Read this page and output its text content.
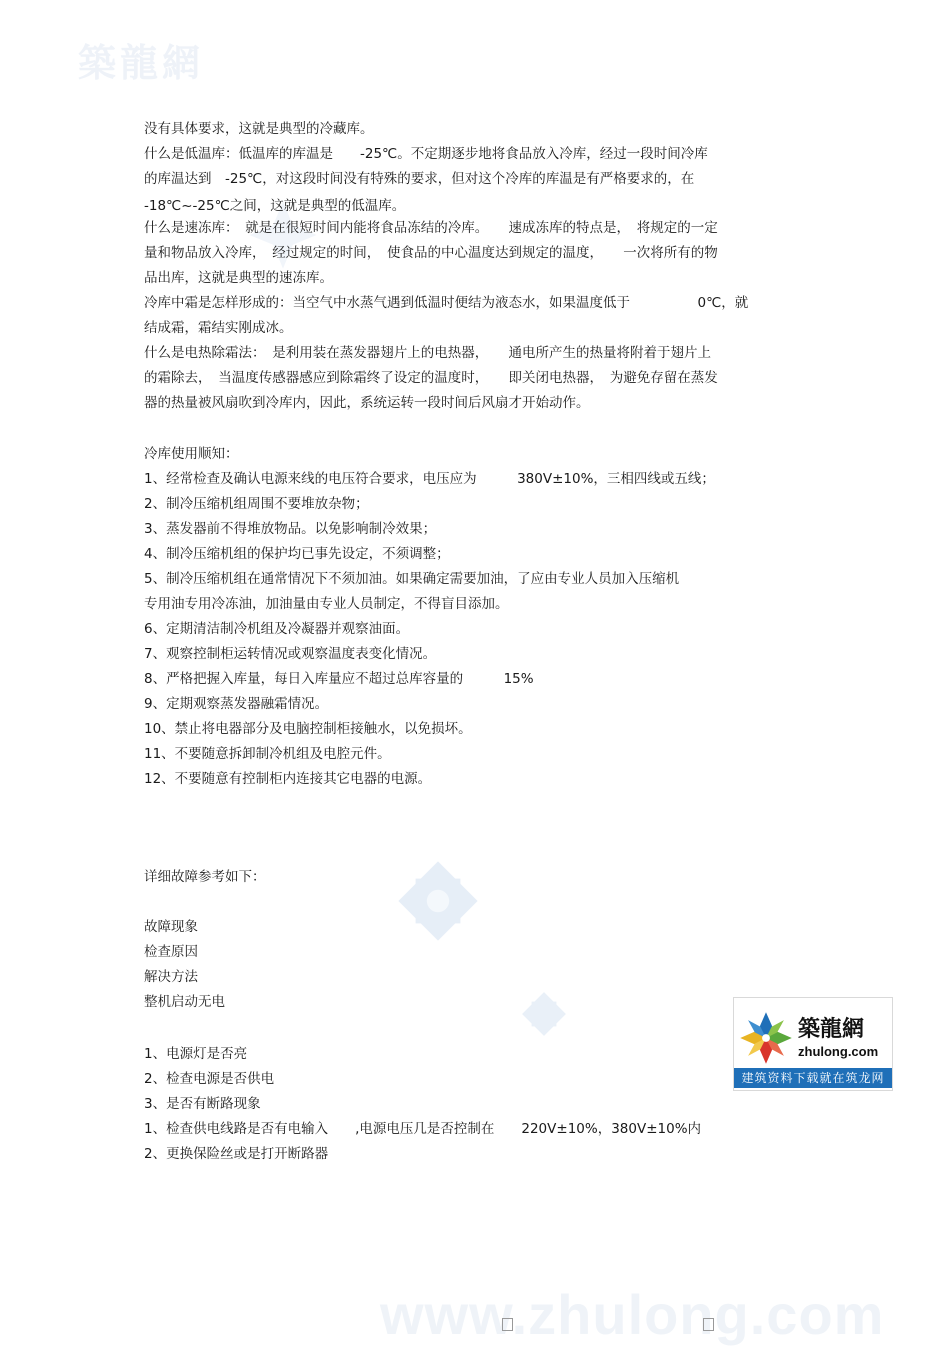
築龍網
www.zhulong.com
没有具体要求，这就是典型的冷藏库。
什么是低温库：低温库的库温是　　-25℃。不定期逐步地将食品放入冷库，经过一段时间冷库
的库温达到　-25℃，对这段时间没有特殊的要求，但对这个冷库的库温是有严格要求的，在
-18℃~-25℃之间，这就是典型的低温库。
什么是速冻库：　就是在很短时间内能将食品冻结的冷库。　　速成冻库的特点是，　将规定的一定
量和物品放入冷库，　经过规定的时间，　使食品的中心温度达到规定的温度，　　一次将所有的物
品出库，这就是典型的速冻库。
冷库中霜是怎样形成的：当空气中水蒸气遇到低温时便结为液态水，如果温度低于　　　　　0℃，就
结成霜，霜结实刚成冰。
什么是电热除霜法：　是利用装在蒸发器翅片上的电热器，　　通电所产生的热量将附着于翅片上
的霜除去，　当温度传感器感应到除霜终了设定的温度时，　　即关闭电热器，　为避免存留在蒸发
器的热量被风扇吹到冷库内，因此，系统运转一段时间后风扇才开始动作。
冷库使用顺知：
1、经常检查及确认电源来线的电压符合要求，电压应为　　　380V±10%，三相四线或五线；
2、制冷压缩机组周围不要堆放杂物；
3、蒸发器前不得堆放物品。以免影响制冷效果；
4、制冷压缩机组的保护均已事先设定，不须调整；
5、制冷压缩机组在通常情况下不须加油。如果确定需要加油，了应由专业人员加入压缩机
专用油专用冷冻油，加油量由专业人员制定，不得盲目添加。
6、定期清洁制冷机组及冷凝器并观察油面。
7、观察控制柜运转情况或观察温度表变化情况。
8、严格把握入库量，每日入库量应不超过总库容量的　　　15%
9、定期观察蒸发器融霜情况。
10、禁止将电器部分及电脑控制柜接触水，以免损坏。
11、不要随意拆卸制冷机组及电腔元件。
12、不要随意有控制柜内连接其它电器的电源。
详细故障参考如下：
故障现象
检查原因
解决方法
整机启动无电
1、电源灯是否亮
2、检查电源是否供电
3、是否有断路现象
1、检查供电线路是否有电输入　　,电源电压几是否控制在　　220V±10%，380V±10%内
2、更换保险丝或是打开断路器
築龍網
zhulong.com
建筑资料下载就在筑龙网
